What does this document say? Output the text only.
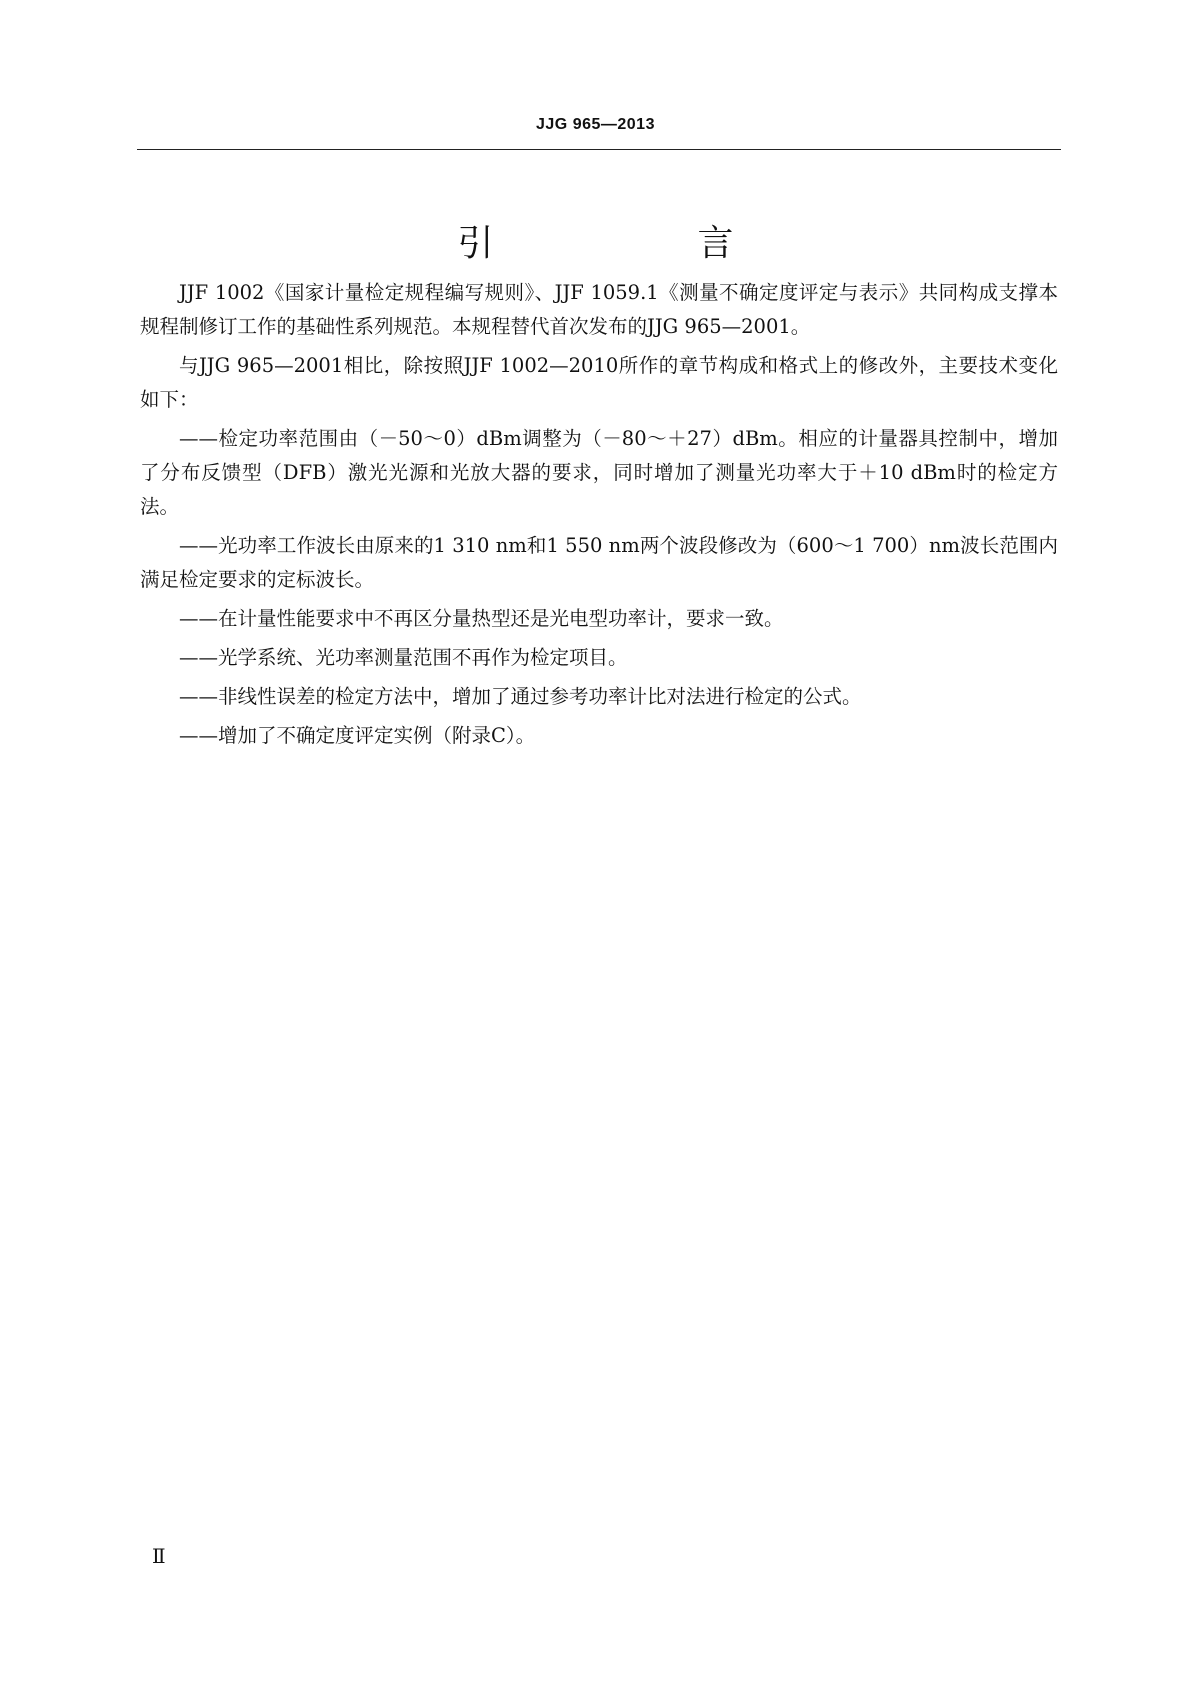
JJG 965—2013
引　言

JJF 1002《国家计量检定规程编写规则》、JJF 1059.1《测量不确定度评定与表示》共同构成支撑本规程制修订工作的基础性系列规范。本规程替代首次发布的JJG 965—2001。

与JJG 965—2001相比，除按照JJF 1002—2010所作的章节构成和格式上的修改外，主要技术变化如下：

——检定功率范围由（－50～0）dBm调整为（－80～＋27）dBm。相应的计量器具控制中，增加了分布反馈型（DFB）激光光源和光放大器的要求，同时增加了测量光功率大于＋10 dBm时的检定方法。

——光功率工作波长由原来的1 310 nm和1 550 nm两个波段修改为（600～1 700）nm波长范围内满足检定要求的定标波长。

——在计量性能要求中不再区分量热型还是光电型功率计，要求一致。

——光学系统、光功率测量范围不再作为检定项目。

——非线性误差的检定方法中，增加了通过参考功率计比对法进行检定的公式。

——增加了不确定度评定实例（附录C）。

Ⅱ
